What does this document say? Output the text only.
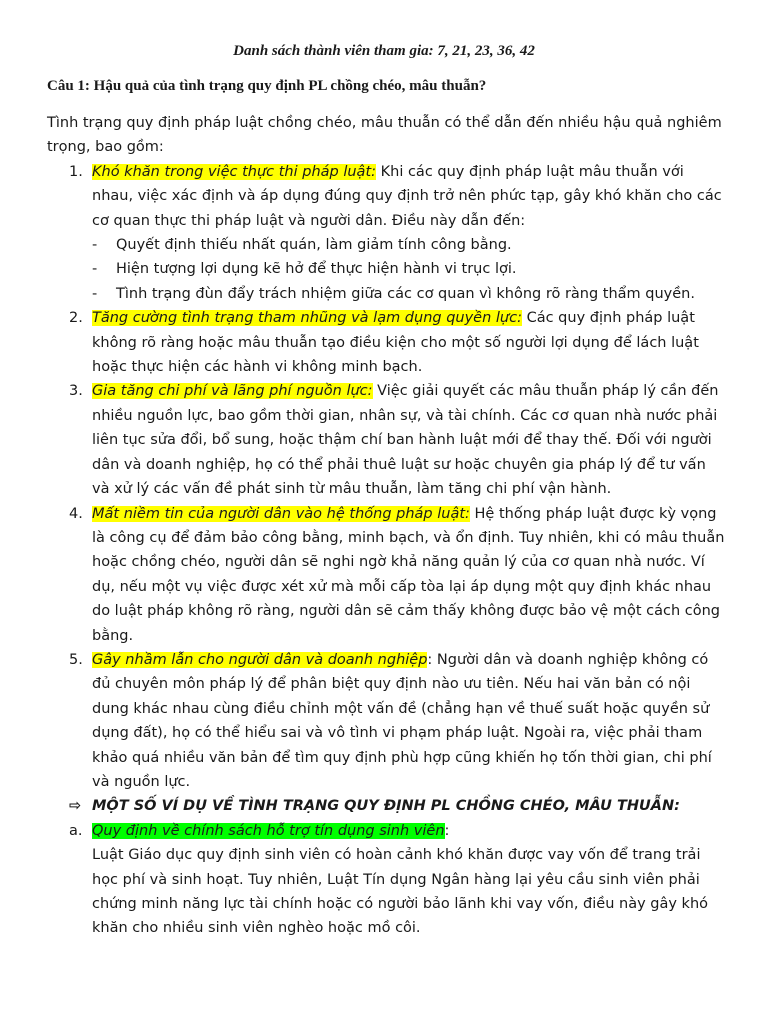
Danh sách thành viên tham gia: 7, 21, 23, 36, 42
Câu 1: Hậu quả của tình trạng quy định PL chồng chéo, mâu thuẫn?

Tình trạng quy định pháp luật chồng chéo, mâu thuẫn có thể dẫn đến nhiều hậu quả nghiêm trọng, bao gồm:

1. Khó khăn trong việc thực thi pháp luật: Khi các quy định pháp luật mâu thuẫn với nhau, việc xác định và áp dụng đúng quy định trở nên phức tạp, gây khó khăn cho các cơ quan thực thi pháp luật và người dân. Điều này dẫn đến:
- Quyết định thiếu nhất quán, làm giảm tính công bằng.
- Hiện tượng lợi dụng kẽ hở để thực hiện hành vi trục lợi.
- Tình trạng đùn đẩy trách nhiệm giữa các cơ quan vì không rõ ràng thẩm quyền.
2. Tăng cường tình trạng tham nhũng và lạm dụng quyền lực: Các quy định pháp luật không rõ ràng hoặc mâu thuẫn tạo điều kiện cho một số người lợi dụng để lách luật hoặc thực hiện các hành vi không minh bạch.
3. Gia tăng chi phí và lãng phí nguồn lực: Việc giải quyết các mâu thuẫn pháp lý cần đến nhiều nguồn lực, bao gồm thời gian, nhân sự, và tài chính. Các cơ quan nhà nước phải liên tục sửa đổi, bổ sung, hoặc thậm chí ban hành luật mới để thay thế. Đối với người dân và doanh nghiệp, họ có thể phải thuê luật sư hoặc chuyên gia pháp lý để tư vấn và xử lý các vấn đề phát sinh từ mâu thuẫn, làm tăng chi phí vận hành.
4. Mất niềm tin của người dân vào hệ thống pháp luật: Hệ thống pháp luật được kỳ vọng là công cụ để đảm bảo công bằng, minh bạch, và ổn định. Tuy nhiên, khi có mâu thuẫn hoặc chồng chéo, người dân sẽ nghi ngờ khả năng quản lý của cơ quan nhà nước. Ví dụ, nếu một vụ việc được xét xử mà mỗi cấp tòa lại áp dụng một quy định khác nhau do luật pháp không rõ ràng, người dân sẽ cảm thấy không được bảo vệ một cách công bằng.
5. Gây nhầm lẫn cho người dân và doanh nghiệp: Người dân và doanh nghiệp không có đủ chuyên môn pháp lý để phân biệt quy định nào ưu tiên. Nếu hai văn bản có nội dung khác nhau cùng điều chỉnh một vấn đề (chẳng hạn về thuế suất hoặc quyền sử dụng đất), họ có thể hiểu sai và vô tình vi phạm pháp luật. Ngoài ra, việc phải tham khảo quá nhiều văn bản để tìm quy định phù hợp cũng khiến họ tốn thời gian, chi phí và nguồn lực.
⇨ MỘT SỐ VÍ DỤ VỀ TÌNH TRẠNG QUY ĐỊNH PL CHỒNG CHÉO, MÂU THUẪN:
a. Quy định về chính sách hỗ trợ tín dụng sinh viên:

Luật Giáo dục quy định sinh viên có hoàn cảnh khó khăn được vay vốn để trang trải học phí và sinh hoạt. Tuy nhiên, Luật Tín dụng Ngân hàng lại yêu cầu sinh viên phải chứng minh năng lực tài chính hoặc có người bảo lãnh khi vay vốn, điều này gây khó khăn cho nhiều sinh viên nghèo hoặc mồ côi.
